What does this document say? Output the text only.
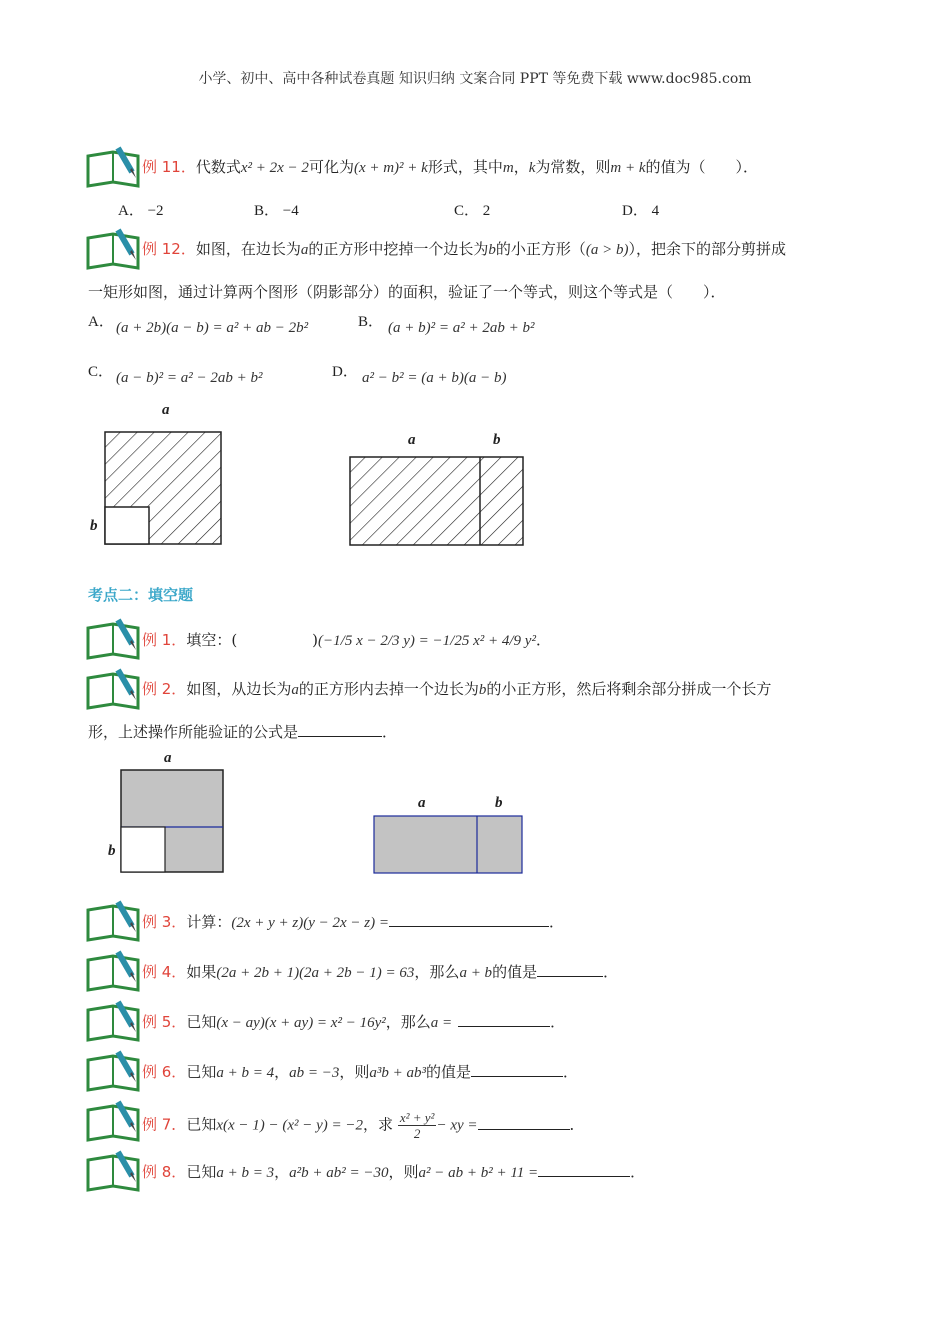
小学、初中、高中各种试卷真题 知识归纳 文案合同 PPT 等免费下载 www.doc985.com
例 11．代数式x² + 2x − 2可化为(x + m)² + k形式，其中m，k为常数，则m + k的值为（　　）．
A． −2	B． −4	C． 2	D． 4
例 12．如图，在边长为a的正方形中挖掉一个边长为b的小正方形（(a > b)），把余下的部分剪拼成
一矩形如图，通过计算两个图形（阴影部分）的面积，验证了一个等式，则这个等式是（　　）．
A． (a + 2b)(a − b) = a² + ab − 2b²	B． (a + b)² = a² + 2ab + b²
C． (a − b)² = a² − 2ab + b²	D． a² − b² = (a + b)(a − b)
a
b
a	b
考点二：填空题
例 1．填空：(　　　　　)(−1/5 x − 2/3 y) = −1/25 x² + 4/9 y²．
例 2．如图，从边长为a的正方形内去掉一个边长为b的小正方形，然后将剩余部分拼成一个长方
形，上述操作所能验证的公式是	．
a
b
a	b
例 3．计算：(2x + y + z)(y − 2x − z) =	．
例 4．如果(2a + 2b + 1)(2a + 2b − 1) = 63，那么a + b的值是	．
例 5．已知(x − ay)(x + ay) = x² − 16y²，那么a =	．
例 6．已知a + b = 4，ab = −3，则a³b + ab³的值是	．
例 7．已知x(x − 1) − (x² − y) = −2，求 $\frac{\text{x² + y²}}{2}$ − xy =	．
例 8．已知a + b = 3，a²b + ab² = −30，则a² − ab + b² + 11 =	．
